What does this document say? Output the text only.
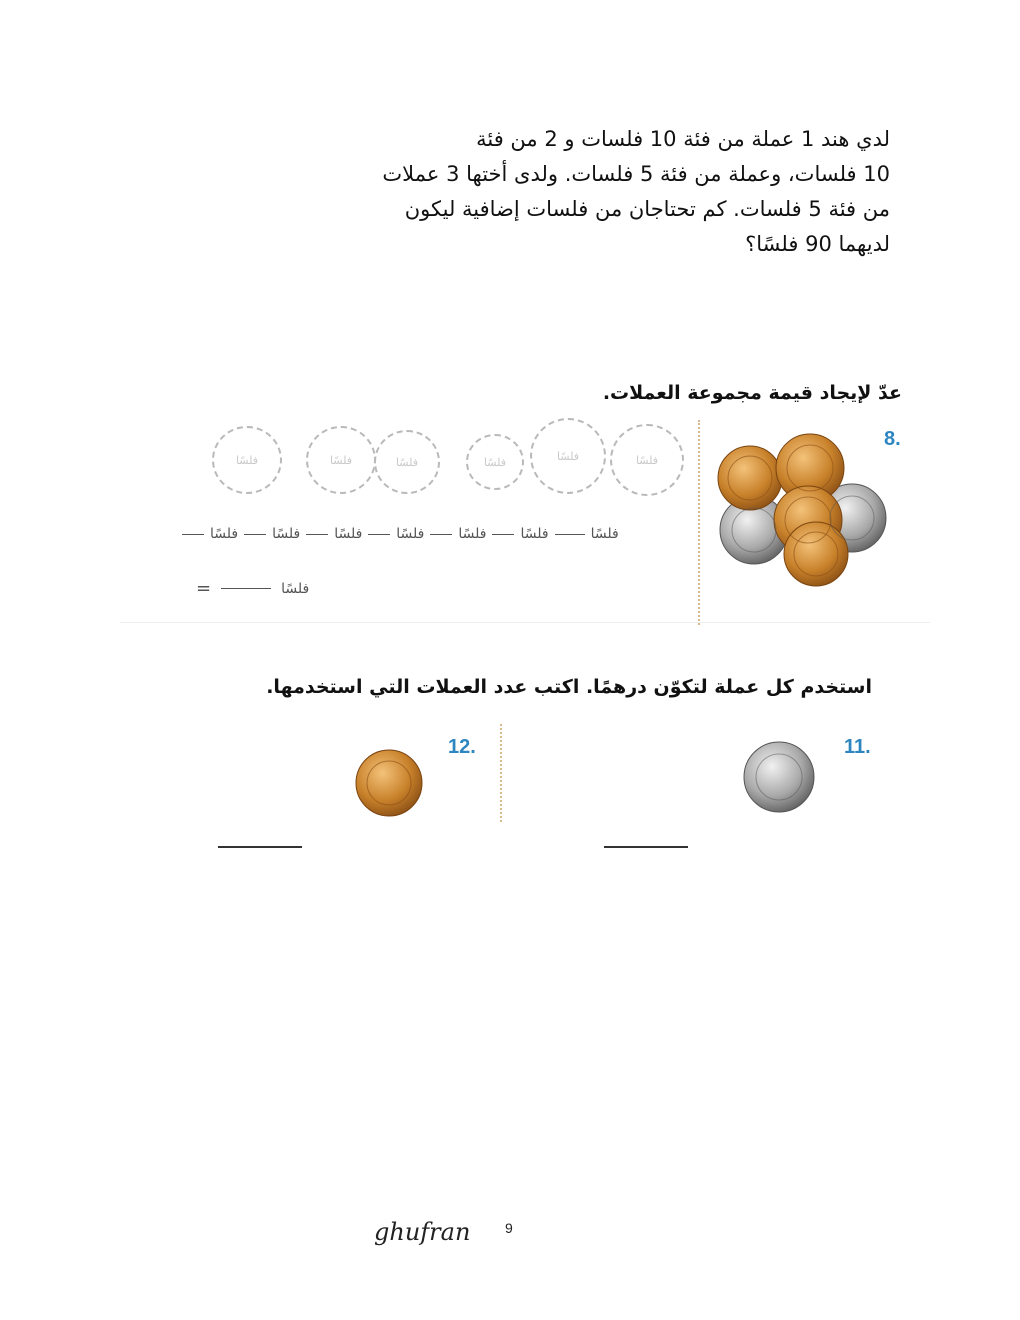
لدي هند 1 عملة من فئة 10 فلسات و 2 من فئة
10 فلسات، وعملة من فئة 5 فلسات. ولدى أختها 3 عملات
من فئة 5 فلسات. كم تحتاجان من فلسات إضافية ليكون
لديهما 90 فلسًا؟
عدّ لإيجاد قيمة مجموعة العملات.
8.
فلسًا
فلسًا
فلسًا
فلسًا
فلسًا
فلسًا
فلسًا فلسًا فلسًا فلسًا فلسًا فلسًا	فلسًا
=	فلسًا
استخدم كل عملة لتكوّن درهمًا. اكتب عدد العملات التي استخدمها.
11.
12.
ghufran 9
